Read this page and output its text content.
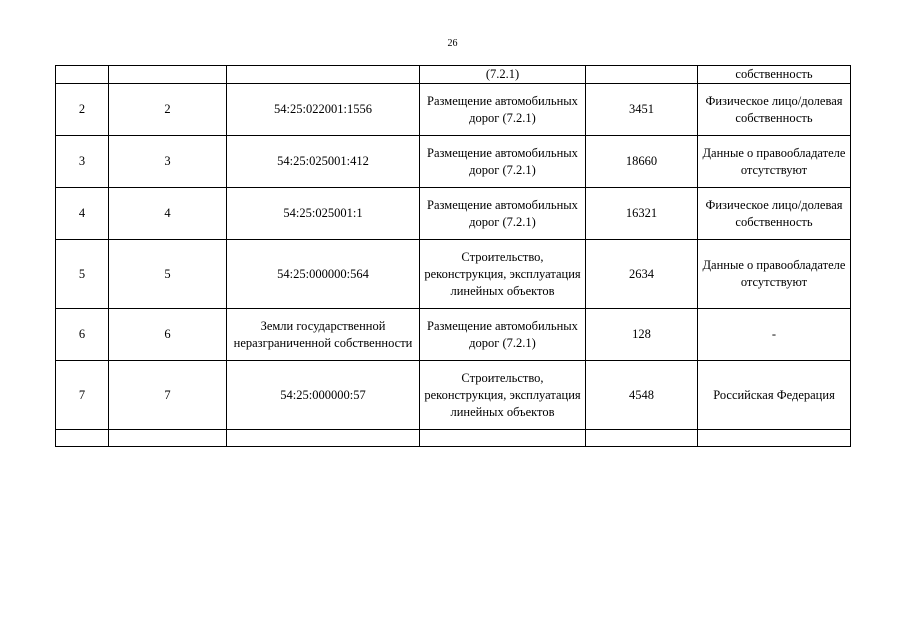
26
			(7.2.1)		собственность
2	2	54:25:022001:1556	Размещение автомобильных дорог (7.2.1)	3451	Физическое лицо/долевая собственность
3	3	54:25:025001:412	Размещение автомобильных дорог (7.2.1)	18660	Данные о правообладателе отсутствуют
4	4	54:25:025001:1	Размещение автомобильных дорог (7.2.1)	16321	Физическое лицо/долевая собственность
5	5	54:25:000000:564	Строительство, реконструкция, эксплуатация линейных объектов	2634	Данные о правообладателе отсутствуют
6	6	Земли государственной неразграниченной собственности	Размещение автомобильных дорог (7.2.1)	128	-
7	7	54:25:000000:57	Строительство, реконструкция, эксплуатация линейных объектов	4548	Российская Федерация
